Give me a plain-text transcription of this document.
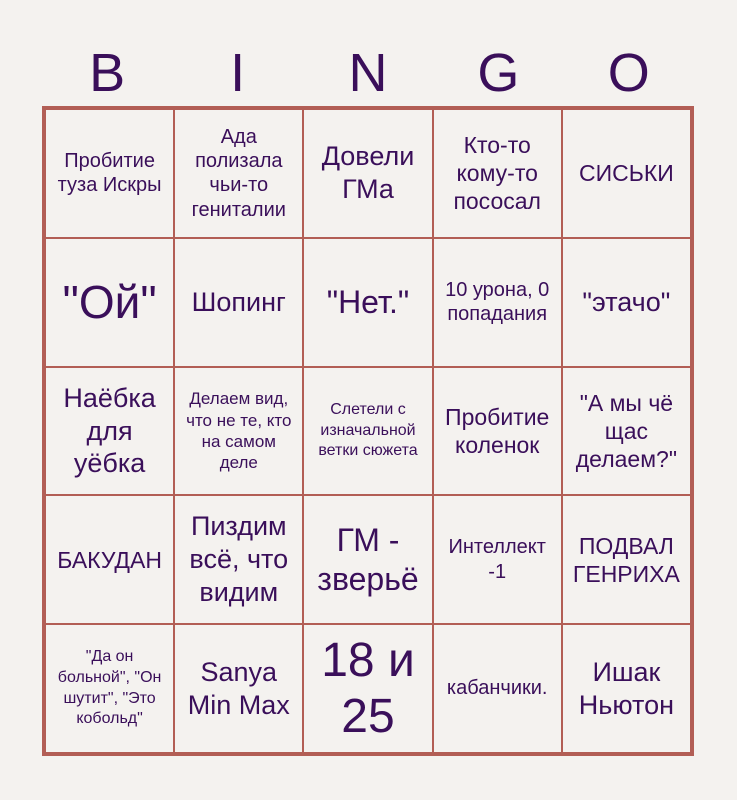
B	I	N	G	O
Пробитие туза Искры
Ада полизала чьи-то гениталии
Довели ГМа
Кто-то кому-то пососал
СИСЬКИ
"Ой"	Шопинг	"Нет."	10 урона, 0 попадания	"этачо"
Наёбка для уёбка
Делаем вид, что не те, кто на самом деле
Слетели с изначальной ветки сюжета
Пробитие коленок
"А мы чё щас делаем?"
БАКУДАН
Пиздим всё, что видим
ГМ - зверьё
Интеллект -1
ПОДВАЛ ГЕНРИХА
"Да он больной", "Он шутит", "Это кобольд"
Sanya Min Max
18 и 25
кабанчики.
Ишак Ньютон
